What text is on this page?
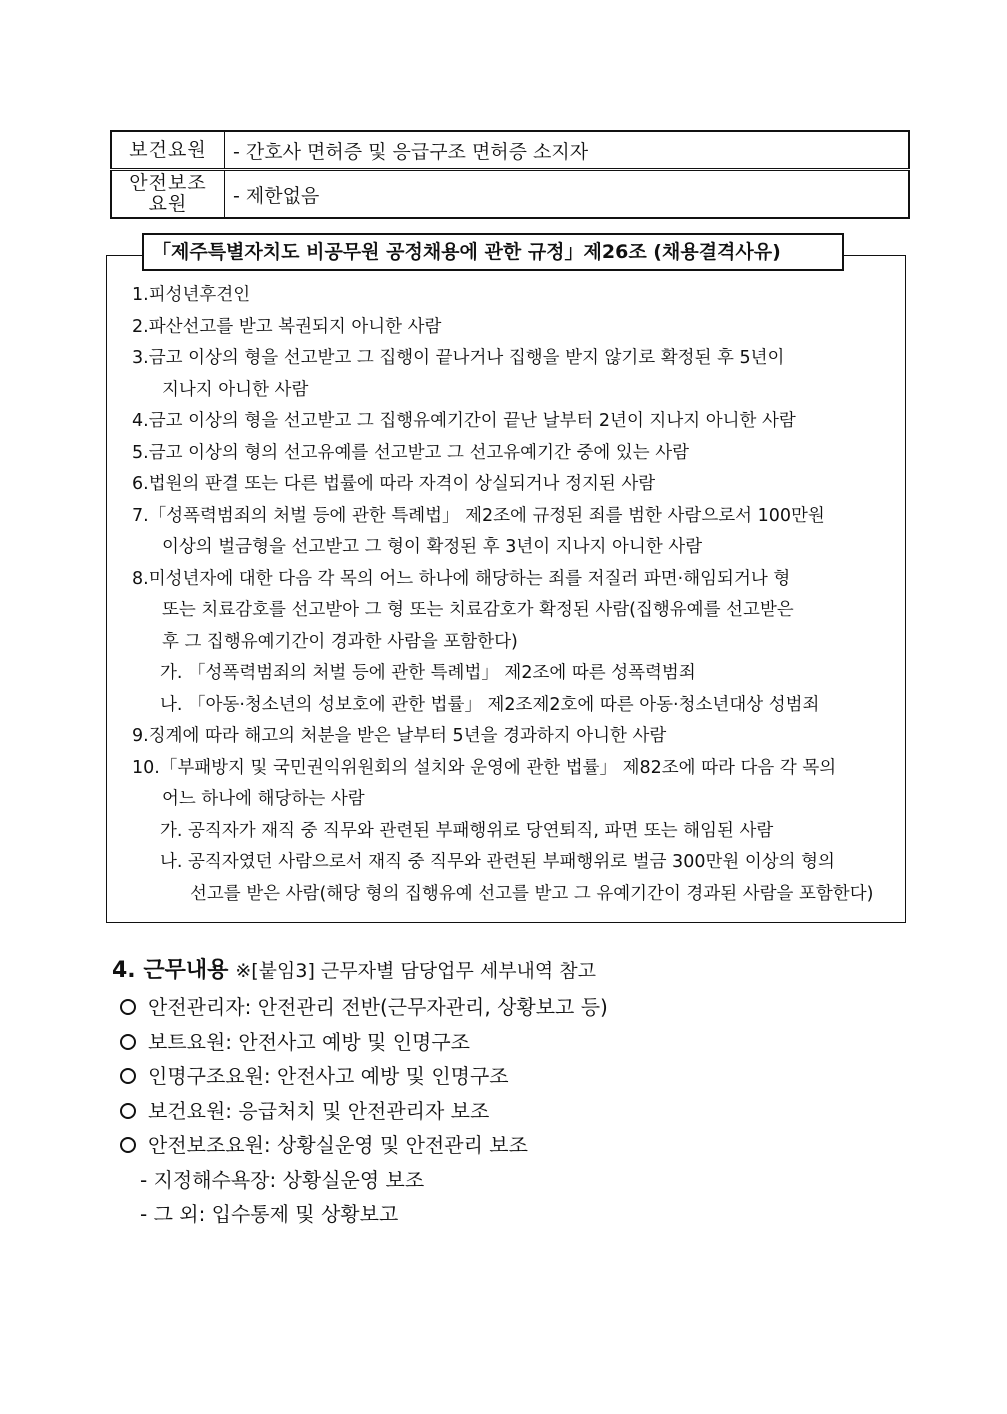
보건요원	- 간호사 면허증 및 응급구조 면허증 소지자
안전보조
요원	- 제한없음
「제주특별자치도 비공무원 공정채용에 관한 규정」제26조 (채용결격사유)
1.피성년후견인
2.파산선고를 받고 복권되지 아니한 사람
3.금고 이상의 형을 선고받고 그 집행이 끝나거나 집행을 받지 않기로 확정된 후 5년이
지나지 아니한 사람
4.금고 이상의 형을 선고받고 그 집행유예기간이 끝난 날부터 2년이 지나지 아니한 사람
5.금고 이상의 형의 선고유예를 선고받고 그 선고유예기간 중에 있는 사람
6.법원의 판결 또는 다른 법률에 따라 자격이 상실되거나 정지된 사람
7.「성폭력범죄의 처벌 등에 관한 특례법」 제2조에 규정된 죄를 범한 사람으로서 100만원
이상의 벌금형을 선고받고 그 형이 확정된 후 3년이 지나지 아니한 사람
8.미성년자에 대한 다음 각 목의 어느 하나에 해당하는 죄를 저질러 파면·해임되거나 형
또는 치료감호를 선고받아 그 형 또는 치료감호가 확정된 사람(집행유예를 선고받은
후 그 집행유예기간이 경과한 사람을 포함한다)
가. 「성폭력범죄의 처벌 등에 관한 특례법」 제2조에 따른 성폭력범죄
나. 「아동·청소년의 성보호에 관한 법률」 제2조제2호에 따른 아동·청소년대상 성범죄
9.징계에 따라 해고의 처분을 받은 날부터 5년을 경과하지 아니한 사람
10.「부패방지 및 국민권익위원회의 설치와 운영에 관한 법률」 제82조에 따라 다음 각 목의
어느 하나에 해당하는 사람
가. 공직자가 재직 중 직무와 관련된 부패행위로 당연퇴직, 파면 또는 해임된 사람
나. 공직자였던 사람으로서 재직 중 직무와 관련된 부패행위로 벌금 300만원 이상의 형의
선고를 받은 사람(해당 형의 집행유예 선고를 받고 그 유예기간이 경과된 사람을 포함한다)
4. 근무내용 ※[붙임3] 근무자별 담당업무 세부내역 참고
안전관리자: 안전관리 전반(근무자관리, 상황보고 등)
보트요원: 안전사고 예방 및 인명구조
인명구조요원: 안전사고 예방 및 인명구조
보건요원: 응급처치 및 안전관리자 보조
안전보조요원: 상황실운영 및 안전관리 보조
- 지정해수욕장: 상황실운영 보조
- 그 외: 입수통제 및 상황보고
